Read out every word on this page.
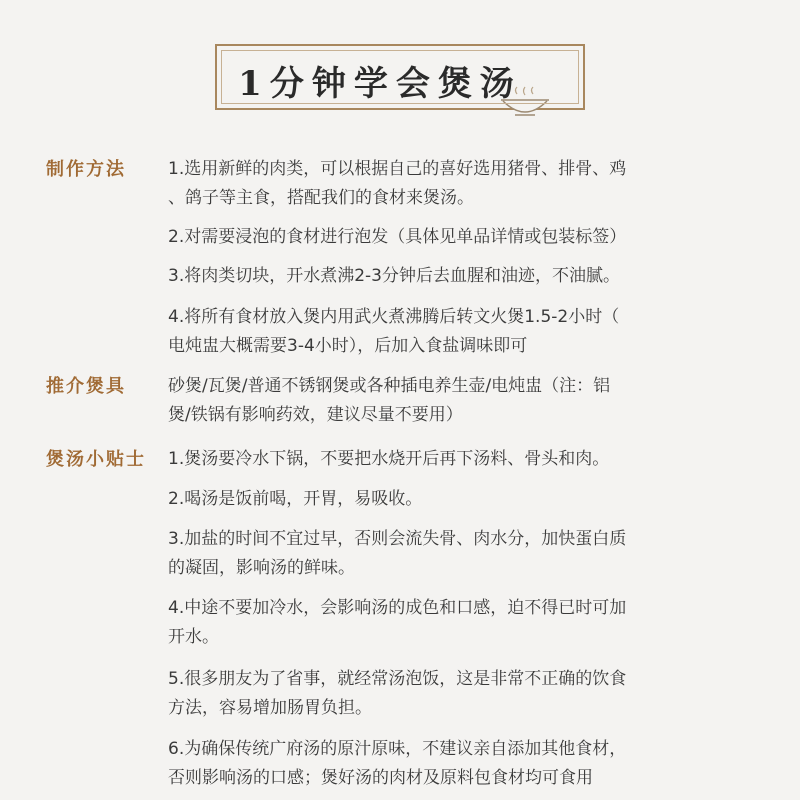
1分钟学会煲汤
制作方法 1.选用新鲜的肉类，可以根据自己的喜好选用猪骨、排骨、鸡
、鸽子等主食，搭配我们的食材来煲汤。
2.对需要浸泡的食材进行泡发（具体见单品详情或包装标签）
3.将肉类切块，开水煮沸2-3分钟后去血腥和油迹，不油腻。
4.将所有食材放入煲内用武火煮沸腾后转文火煲1.5-2小时（
电炖盅大概需要3-4小时），后加入食盐调味即可
推介煲具 砂煲/瓦煲/普通不锈钢煲或各种插电养生壶/电炖盅（注：铝
煲/铁锅有影响药效，建议尽量不要用）
煲汤小贴士 1.煲汤要冷水下锅，不要把水烧开后再下汤料、骨头和肉。
2.喝汤是饭前喝，开胃，易吸收。
3.加盐的时间不宜过早，否则会流失骨、肉水分，加快蛋白质
的凝固，影响汤的鲜味。
4.中途不要加冷水，会影响汤的成色和口感，迫不得已时可加
开水。
5.很多朋友为了省事，就经常汤泡饭，这是非常不正确的饮食
方法，容易增加肠胃负担。
6.为确保传统广府汤的原汁原味，不建议亲自添加其他食材，
否则影响汤的口感；煲好汤的肉材及原料包食材均可食用
